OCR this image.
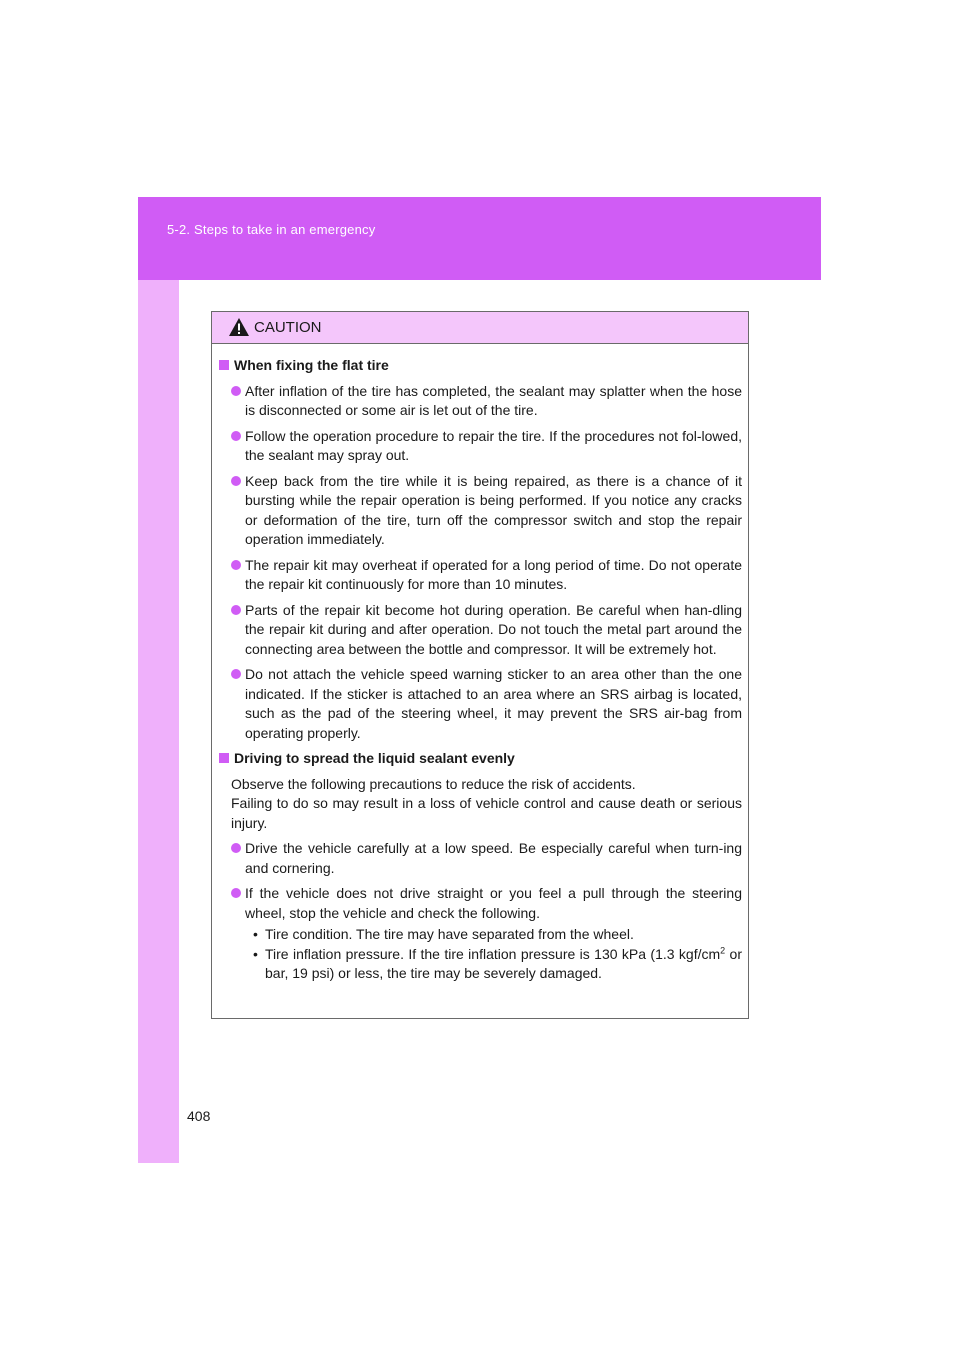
5-2. Steps to take in an emergency
408
CAUTION
When fixing the flat tire
After inflation of the tire has completed, the sealant may splatter when the hose is disconnected or some air is let out of the tire.
Follow the operation procedure to repair the tire. If the procedures not fol-lowed, the sealant may spray out.
Keep back from the tire while it is being repaired, as there is a chance of it bursting while the repair operation is being performed. If you notice any cracks or deformation of the tire, turn off the compressor switch and stop the repair operation immediately.
The repair kit may overheat if operated for a long period of time. Do not operate the repair kit continuously for more than 10 minutes.
Parts of the repair kit become hot during operation. Be careful when han-dling the repair kit during and after operation. Do not touch the metal part around the connecting area between the bottle and compressor. It will be extremely hot.
Do not attach the vehicle speed warning sticker to an area other than the one indicated. If the sticker is attached to an area where an SRS airbag is located, such as the pad of the steering wheel, it may prevent the SRS air-bag from operating properly.
Driving to spread the liquid sealant evenly
Observe the following precautions to reduce the risk of accidents.
Failing to do so may result in a loss of vehicle control and cause death or serious injury.
Drive the vehicle carefully at a low speed. Be especially careful when turn-ing and cornering.
If the vehicle does not drive straight or you feel a pull through the steering wheel, stop the vehicle and check the following.
• Tire condition. The tire may have separated from the wheel.
• Tire inflation pressure. If the tire inflation pressure is 130 kPa (1.3 kgf/$cm^2$ or bar, 19 psi) or less, the tire may be severely damaged.
